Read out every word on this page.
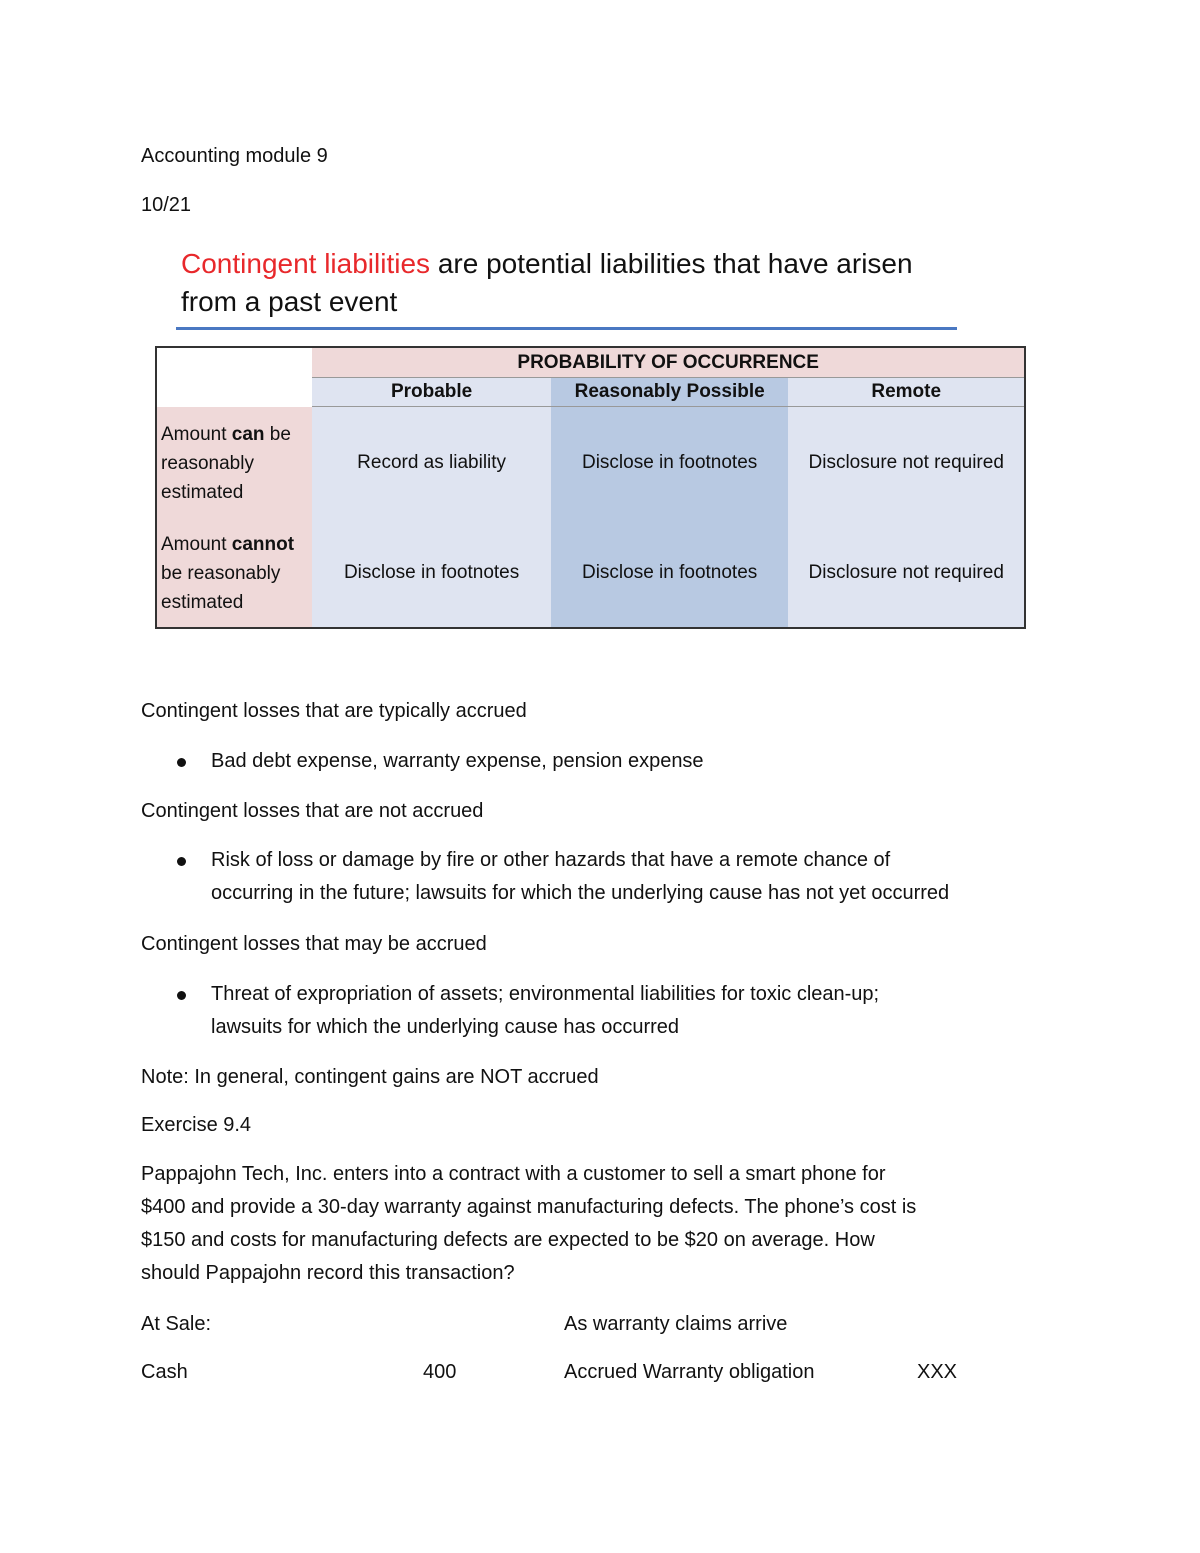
Accounting module 9
10/21
Contingent liabilities are potential liabilities that have arisen
from a past event
	PROBABILITY OF OCCURRENCE		
	Probable	Reasonably Possible	Remote
Amount can be
reasonably
estimated	Record as liability	Disclose in footnotes	Disclosure not required
Amount cannot
be reasonably
estimated	Disclose in footnotes	Disclose in footnotes	Disclosure not required
Contingent losses that are typically accrued
Bad debt expense, warranty expense, pension expense
Contingent losses that are not accrued
Risk of loss or damage by fire or other hazards that have a remote chance of
occurring in the future; lawsuits for which the underlying cause has not yet occurred
Contingent losses that may be accrued
Threat of expropriation of assets; environmental liabilities for toxic clean-up;
lawsuits for which the underlying cause has occurred
Note: In general, contingent gains are NOT accrued
Exercise 9.4
Pappajohn Tech, Inc. enters into a contract with a customer to sell a smart phone for
$400 and provide a 30-day warranty against manufacturing defects. The phone’s cost is
$150 and costs for manufacturing defects are expected to be $20 on average. How
should Pappajohn record this transaction?
At Sale:	As warranty claims arrive
Cash	400	Accrued Warranty obligation	XXX
